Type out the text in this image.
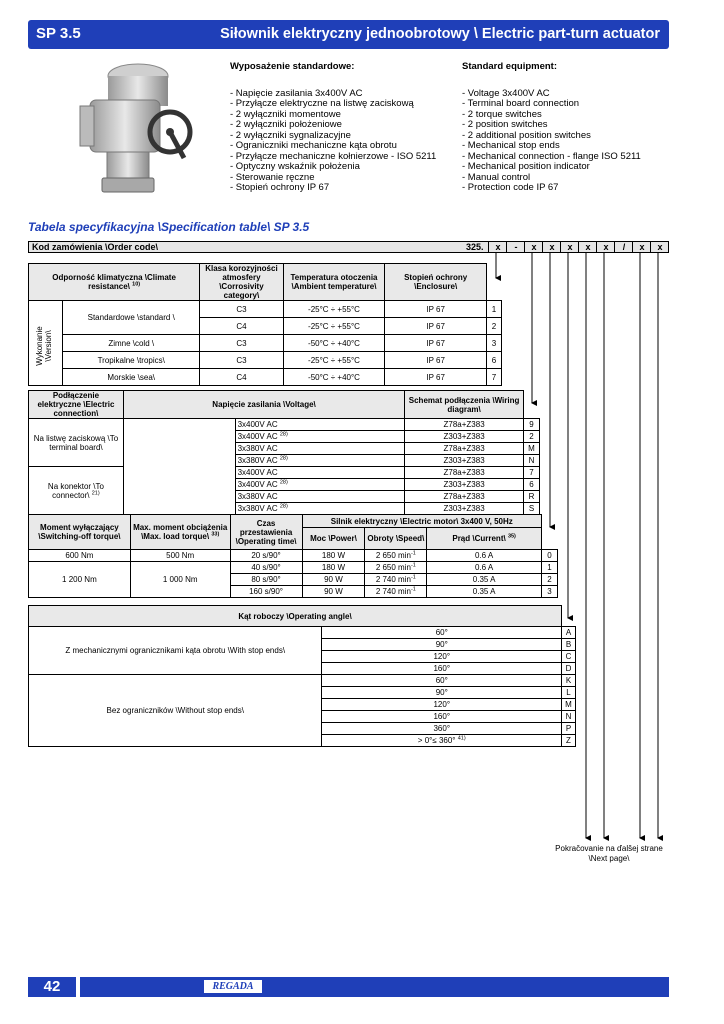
SP 3.5	Siłownik elektryczny jednoobrotowy \ Electric part-turn actuator
Wyposażenie standardowe:
- Napięcie zasilania 3x400V AC
- Przyłącze elektryczne na listwę zaciskową
- 2 wyłączniki momentowe
- 2 wyłączniki położeniowe
- 2 wyłączniki sygnalizacyjne
- Ograniczniki mechaniczne kąta obrotu
- Przyłącze mechaniczne kołnierzowe - ISO 5211
- Optyczny wskaźnik położenia
- Sterowanie ręczne
- Stopień ochrony IP 67
Standard equipment:
- Voltage 3x400V AC
- Terminal board connection
- 2 torque switches
- 2 position switches
- 2 additional position switches
- Mechanical stop ends
- Mechanical connection - flange ISO 5211
- Mechanical position indicator
- Manual control
- Protection code IP 67
Tabela specyfikacyjna \Specification table\ SP 3.5
Kod zamówienia \Order code\	325.	x	-	x	x	x	x	x	/	x	x
Odporność klimatyczna \Climate resistance\ $^{10)}$		Klasa korozyjności atmosfery \Corrosivity category\	Temperatura otoczenia \Ambient temperature\	Stopień ochrony \Enclosure\	

Wykonanie \Version\	Standardowe \standard \	C3	-25°C ÷ +55°C	IP 67	1
		C4	-25°C ÷ +55°C	IP 67	2
	Zimne \cold \	C3	-50°C ÷ +40°C	IP 67	3
	Tropikalne \tropics\	C3	-25°C ÷ +55°C	IP 67	6
	Morskie \sea\	C4	-50°C ÷ +40°C	IP 67	7
Podłączenie elektryczne \Electric connection\	Napięcie zasilania \Voltage\		Schemat podłączenia \Wiring diagram\	
Na listwę zaciskową \To terminal board\		3x400V AC	Z78a+Z383	9
		3x400V AC $^{28)}$	Z303+Z383	2
		3x380V AC	Z78a+Z383	M
		3x380V AC $^{28)}$	Z303+Z383	N
Na konektor \To connector\ $^{21)}$		3x400V AC	Z78a+Z383	7
		3x400V AC $^{28)}$	Z303+Z383	6
		3x380V AC	Z78a+Z383	R
		3x380V AC $^{28)}$	Z303+Z383	S
Moment wyłączający \Switching-off torque\	Max. moment obciążenia \Max. load torque\ $^{33)}$	Czas przestawienia \Operating time\	Silnik elektryczny \Electric motor\ 3x400 V, 50Hz			
			Moc \Power\	Obroty \Speed\	Prąd \Current\ $^{35)}$	
600 Nm	500 Nm	20 s/90°	180 W	2 650 $\min^{-1}$	0.6 A	0
1 200 Nm	1 000 Nm	40 s/90°	180 W	2 650 $\min^{-1}$	0.6 A	1
		80 s/90°	90 W	2 740 $\min^{-1}$	0.35 A	2
		160 s/90°	90 W	2 740 $\min^{-1}$	0.35 A	3
Kąt roboczy \Operating angle\		
Z mechanicznymi ogranicznikami kąta obrotu \With stop ends\	60°	A
	90°	B
	120°	C
	160°	D
Bez ograniczników \Without stop ends\	60°	K
	90°	L
	120°	M
	160°	N
	360°	P
	> 0°≤ 360° $^{41)}$	Z
Pokračovanie na ďalšej strane \Next page\
42	REGADA
